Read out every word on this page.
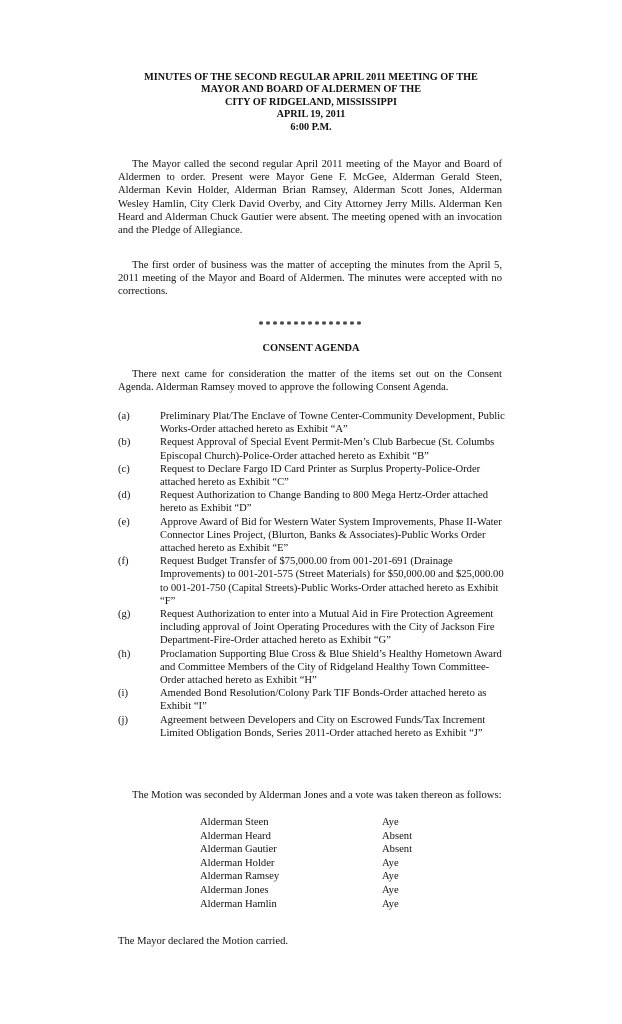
MINUTES OF THE SECOND REGULAR APRIL 2011 MEETING OF THE
MAYOR AND BOARD OF ALDERMEN OF THE
CITY OF RIDGELAND, MISSISSIPPI
APRIL 19, 2011
6:00 P.M.
The Mayor called the second regular April 2011 meeting of the Mayor and Board of Aldermen to order. Present were Mayor Gene F. McGee, Alderman Gerald Steen, Alderman Kevin Holder, Alderman Brian Ramsey, Alderman Scott Jones, Alderman Wesley Hamlin, City Clerk David Overby, and City Attorney Jerry Mills. Alderman Ken Heard and Alderman Chuck Gautier were absent. The meeting opened with an invocation and the Pledge of Allegiance.
The first order of business was the matter of accepting the minutes from the April 5, 2011 meeting of the Mayor and Board of Aldermen. The minutes were accepted with no corrections.
***************
CONSENT AGENDA
There next came for consideration the matter of the items set out on the Consent Agenda. Alderman Ramsey moved to approve the following Consent Agenda.
(a)	Preliminary Plat/The Enclave of Towne Center-Community Development, Public Works-Order attached hereto as Exhibit “A”
(b)	Request Approval of Special Event Permit-Men’s Club Barbecue (St. Columbs Episcopal Church)-Police-Order attached hereto as Exhibit “B”
(c)	Request to Declare Fargo ID Card Printer as Surplus Property-Police-Order attached hereto as Exhibit “C”
(d)	Request Authorization to Change Banding to 800 Mega Hertz-Order attached hereto as Exhibit “D”
(e)	Approve Award of Bid for Western Water System Improvements, Phase II-Water Connector Lines Project, (Blurton, Banks & Associates)-Public Works Order attached hereto as Exhibit “E”
(f)	Request Budget Transfer of $75,000.00 from 001-201-691 (Drainage Improvements) to 001-201-575 (Street Materials) for $50,000.00 and $25,000.00 to 001-201-750 (Capital Streets)-Public Works-Order attached hereto as Exhibit “F”
(g)	Request Authorization to enter into a Mutual Aid in Fire Protection Agreement including approval of Joint Operating Procedures with the City of Jackson Fire Department-Fire-Order attached hereto as Exhibit “G”
(h)	Proclamation Supporting Blue Cross & Blue Shield’s Healthy Hometown Award and Committee Members of the City of Ridgeland Healthy Town Committee-Order attached hereto as Exhibit “H”
(i)	Amended Bond Resolution/Colony Park TIF Bonds-Order attached hereto as Exhibit “I”
(j)	Agreement between Developers and City on Escrowed Funds/Tax Increment Limited Obligation Bonds, Series 2011-Order attached hereto as Exhibit “J”
The Motion was seconded by Alderman Jones and a vote was taken thereon as follows:
Alderman Steen	Aye
Alderman Heard	Absent
Alderman Gautier	Absent
Alderman Holder	Aye
Alderman Ramsey	Aye
Alderman Jones	Aye
Alderman Hamlin	Aye
The Mayor declared the Motion carried.
